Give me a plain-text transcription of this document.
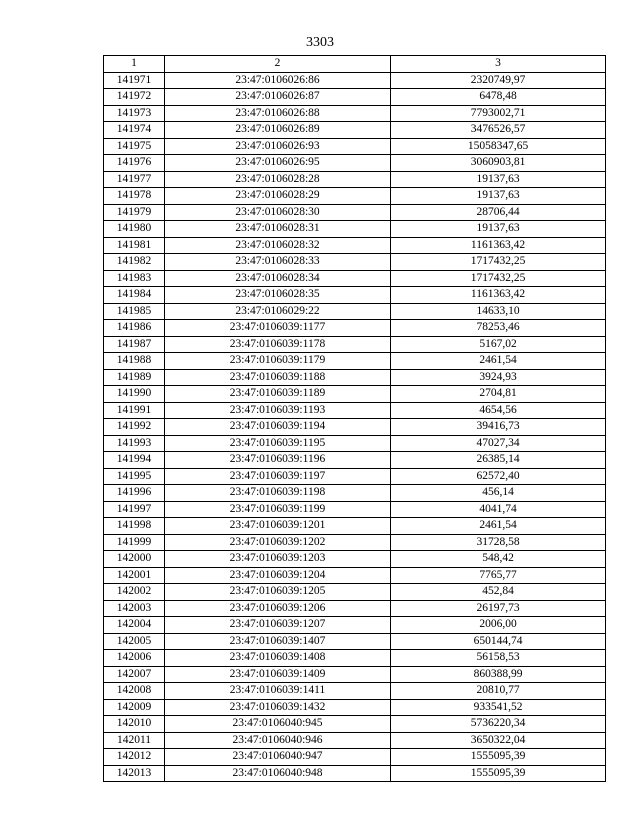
3303
1	2	3
141971	23:47:0106026:86	2320749,97
141972	23:47:0106026:87	6478,48
141973	23:47:0106026:88	7793002,71
141974	23:47:0106026:89	3476526,57
141975	23:47:0106026:93	15058347,65
141976	23:47:0106026:95	3060903,81
141977	23:47:0106028:28	19137,63
141978	23:47:0106028:29	19137,63
141979	23:47:0106028:30	28706,44
141980	23:47:0106028:31	19137,63
141981	23:47:0106028:32	1161363,42
141982	23:47:0106028:33	1717432,25
141983	23:47:0106028:34	1717432,25
141984	23:47:0106028:35	1161363,42
141985	23:47:0106029:22	14633,10
141986	23:47:0106039:1177	78253,46
141987	23:47:0106039:1178	5167,02
141988	23:47:0106039:1179	2461,54
141989	23:47:0106039:1188	3924,93
141990	23:47:0106039:1189	2704,81
141991	23:47:0106039:1193	4654,56
141992	23:47:0106039:1194	39416,73
141993	23:47:0106039:1195	47027,34
141994	23:47:0106039:1196	26385,14
141995	23:47:0106039:1197	62572,40
141996	23:47:0106039:1198	456,14
141997	23:47:0106039:1199	4041,74
141998	23:47:0106039:1201	2461,54
141999	23:47:0106039:1202	31728,58
142000	23:47:0106039:1203	548,42
142001	23:47:0106039:1204	7765,77
142002	23:47:0106039:1205	452,84
142003	23:47:0106039:1206	26197,73
142004	23:47:0106039:1207	2006,00
142005	23:47:0106039:1407	650144,74
142006	23:47:0106039:1408	56158,53
142007	23:47:0106039:1409	860388,99
142008	23:47:0106039:1411	20810,77
142009	23:47:0106039:1432	933541,52
142010	23:47:0106040:945	5736220,34
142011	23:47:0106040:946	3650322,04
142012	23:47:0106040:947	1555095,39
142013	23:47:0106040:948	1555095,39
